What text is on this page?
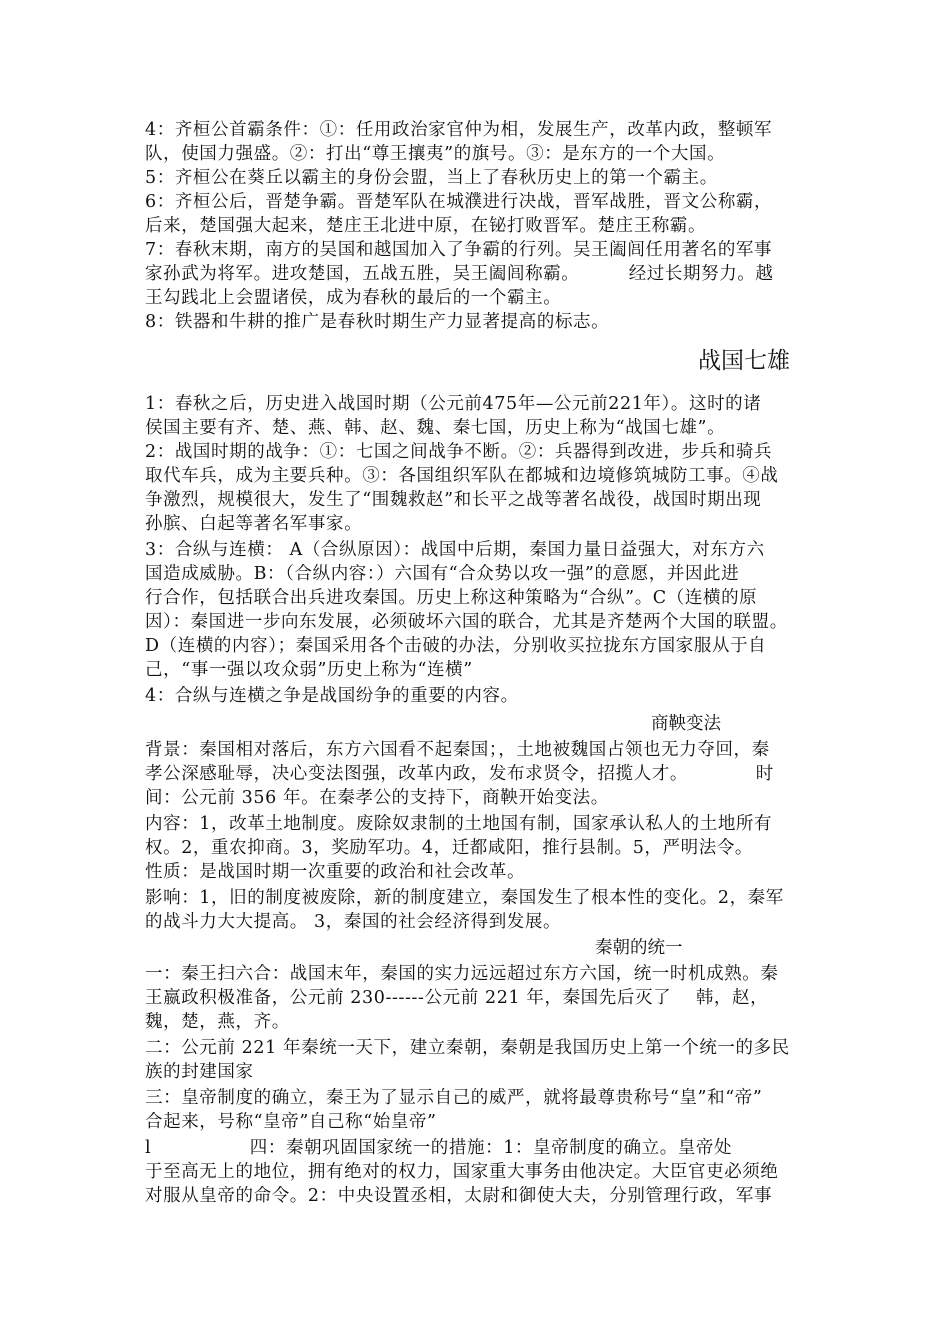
4：齐桓公首霸条件：①：任用政治家官仲为相，发展生产，改革内政，整顿军
队，使国力强盛。②：打出“尊王攘夷”的旗号。③：是东方的一个大国。
5：齐桓公在葵丘以霸主的身份会盟，当上了春秋历史上的第一个霸主。
6：齐桓公后，晋楚争霸。晋楚军队在城濮进行决战，晋军战胜，晋文公称霸，
后来，楚国强大起来，楚庄王北进中原，在铋打败晋军。楚庄王称霸。
7：春秋末期，南方的吴国和越国加入了争霸的行列。吴王阖闾任用著名的军事
家孙武为将军。进攻楚国，五战五胜，吴王阖闾称霸。        经过长期努力。越
王勾践北上会盟诸侯，成为春秋的最后的一个霸主。
8：铁器和牛耕的推广是春秋时期生产力显著提高的标志。
战国七雄
1：春秋之后，历史进入战国时期（公元前475年—公元前221年）。这时的诸
侯国主要有齐、楚、燕、韩、赵、魏、秦七国，历史上称为“战国七雄”。
2：战国时期的战争：①：七国之间战争不断。②：兵器得到改进，步兵和骑兵
取代车兵，成为主要兵种。③：各国组织军队在都城和边境修筑城防工事。④战
争激烈，规模很大，发生了“围魏救赵”和长平之战等著名战役，战国时期出现
孙膑、白起等著名军事家。
3：合纵与连横： A（合纵原因）：战国中后期，秦国力量日益强大，对东方六
国造成威胁。B：（合纵内容：）六国有“合众势以攻一强”的意愿，并因此进
行合作，包括联合出兵进攻秦国。历史上称这种策略为“合纵”。C（连横的原
因）：秦国进一步向东发展，必须破坏六国的联合，尤其是齐楚两个大国的联盟。
D（连横的内容）；秦国采用各个击破的办法，分别收买拉拢东方国家服从于自
己，“事一强以攻众弱”历史上称为“连横”
4：合纵与连横之争是战国纷争的重要的内容。
商鞅变法
背景：秦国相对落后，东方六国看不起秦国；，土地被魏国占领也无力夺回，秦
孝公深感耻辱，决心变法图强，改革内政，发布求贤令，招揽人才。           时
间：公元前 356 年。在秦孝公的支持下，商鞅开始变法。
内容：1，改革土地制度。废除奴隶制的土地国有制，国家承认私人的土地所有
权。2，重农抑商。3，奖励军功。4，迁都咸阳，推行县制。5，严明法令。
性质：是战国时期一次重要的政治和社会改革。
影响：1，旧的制度被废除，新的制度建立，秦国发生了根本性的变化。2，秦军
的战斗力大大提高。 3，秦国的社会经济得到发展。
秦朝的统一
一：秦王扫六合：战国末年，秦国的实力远远超过东方六国，统一时机成熟。秦
王嬴政积极准备，公元前 230------公元前 221 年，秦国先后灭了    韩，赵，
魏，楚，燕，齐。
二：公元前 221 年秦统一天下，建立秦朝，秦朝是我国历史上第一个统一的多民
族的封建国家
三：皇帝制度的确立，秦王为了显示自己的威严，就将最尊贵称号“皇”和“帝”
合起来，号称“皇帝”自己称“始皇帝”
l                四：秦朝巩固国家统一的措施：1：皇帝制度的确立。皇帝处
于至高无上的地位，拥有绝对的权力，国家重大事务由他决定。大臣官吏必须绝
对服从皇帝的命令。2：中央设置丞相，太尉和御使大夫，分别管理行政，军事
